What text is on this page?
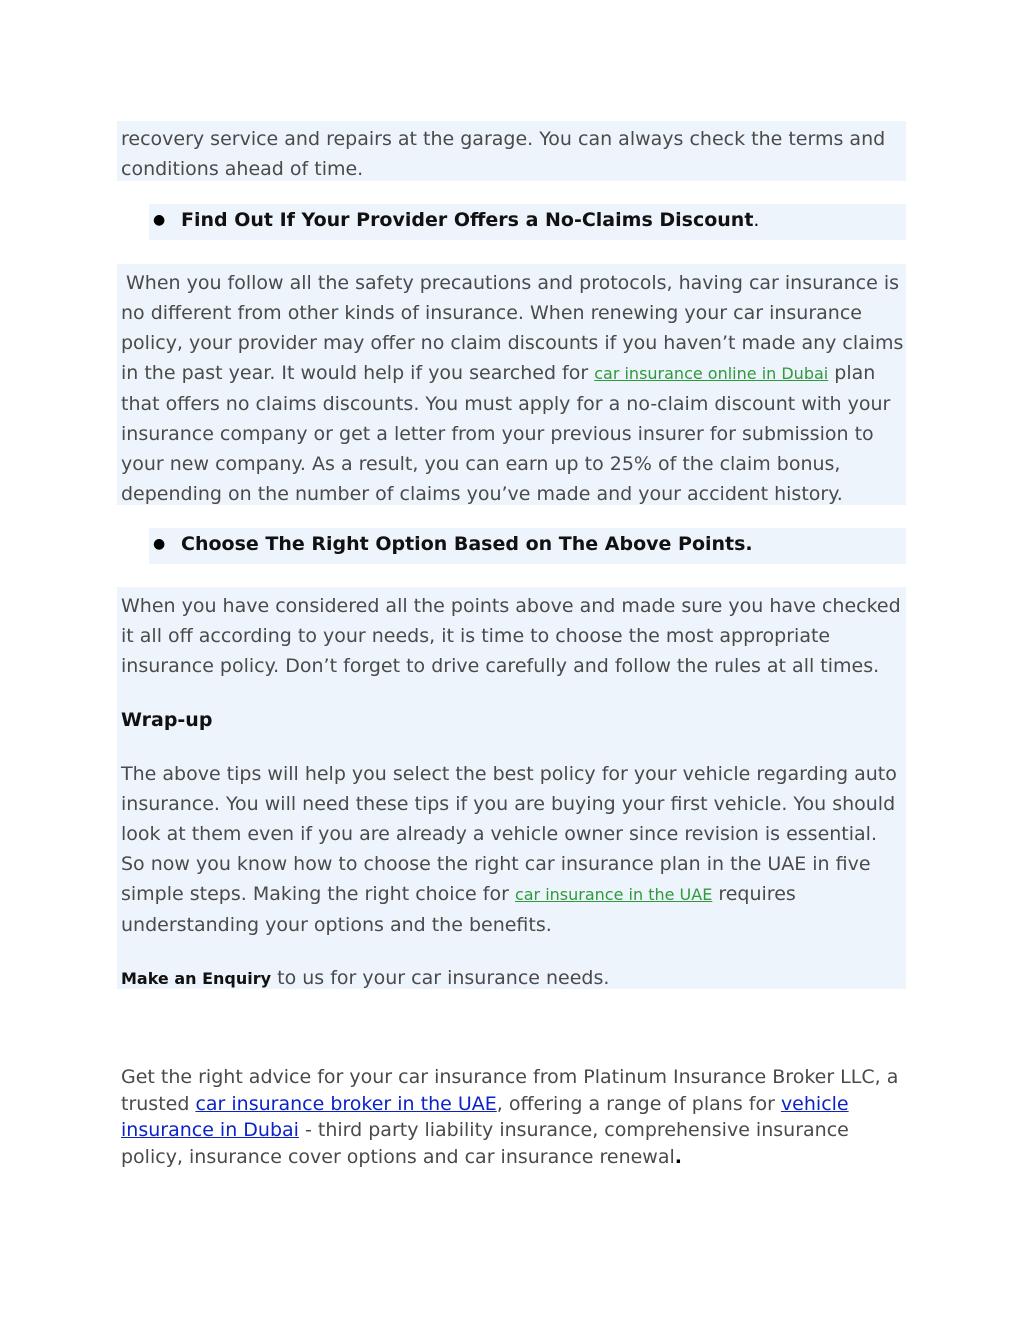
recovery service and repairs at the garage. You can always check the terms and conditions ahead of time.

● Find Out If Your Provider Offers a No-Claims Discount.

When you follow all the safety precautions and protocols, having car insurance is no different from other kinds of insurance. When renewing your car insurance policy, your provider may offer no claim discounts if you haven’t made any claims in the past year. It would help if you searched for car insurance online in Dubai plan that offers no claims discounts. You must apply for a no-claim discount with your insurance company or get a letter from your previous insurer for submission to your new company. As a result, you can earn up to 25% of the claim bonus, depending on the number of claims you’ve made and your accident history.

● Choose The Right Option Based on The Above Points.

When you have considered all the points above and made sure you have checked it all off according to your needs, it is time to choose the most appropriate insurance policy. Don’t forget to drive carefully and follow the rules at all times.

Wrap-up

The above tips will help you select the best policy for your vehicle regarding auto insurance. You will need these tips if you are buying your first vehicle. You should look at them even if you are already a vehicle owner since revision is essential. So now you know how to choose the right car insurance plan in the UAE in five simple steps. Making the right choice for car insurance in the UAE requires understanding your options and the benefits.

Make an Enquiry to us for your car insurance needs.

Get the right advice for your car insurance from Platinum Insurance Broker LLC, a trusted car insurance broker in the UAE, offering a range of plans for vehicle insurance in Dubai - third party liability insurance, comprehensive insurance policy, insurance cover options and car insurance renewal.
